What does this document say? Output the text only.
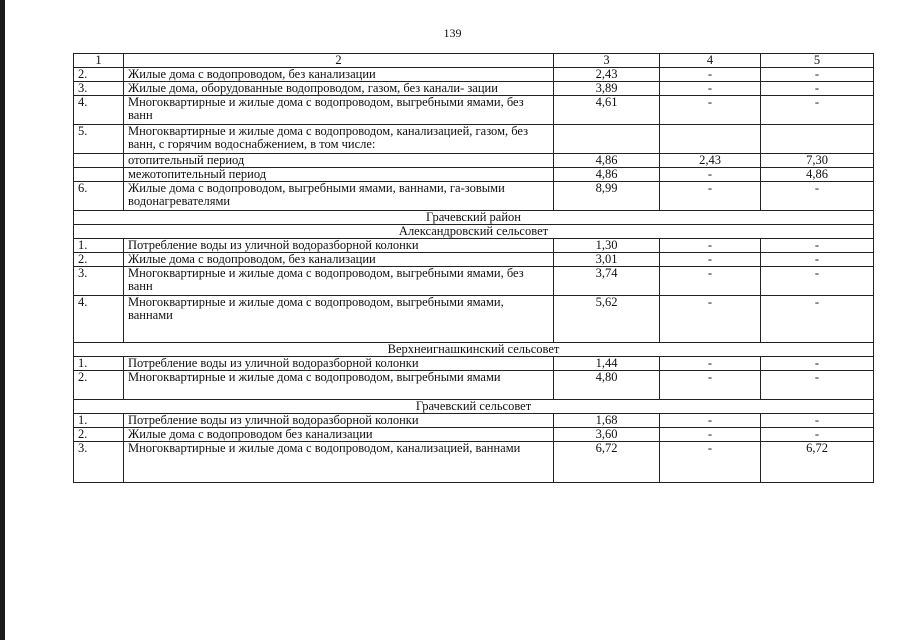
139
1	2	3	4	5
2.	Жилые дома с водопроводом, без канализации	2,43	-	-
3.	Жилые дома, оборудованные водопроводом, газом, без канали- зации	3,89	-	-
4.	Многоквартирные и жилые дома с водопроводом, выгребными ямами, без ванн	4,61	-	-
5.	Многоквартирные и жилые дома с водопроводом, канализацией, газом, без ванн, с горячим водоснабжением, в том числе:			
	отопительный период	4,86	2,43	7,30
	межотопительный период	4,86	-	4,86
6.	Жилые дома с водопроводом, выгребными ямами, ваннами, га-зовыми водонагревателями	8,99	-	-
Грачевский район				
Александровский сельсовет				
1.	Потребление воды из уличной водоразборной колонки	1,30	-	-
2.	Жилые дома с водопроводом, без канализации	3,01	-	-
3.	Многоквартирные и жилые дома с водопроводом, выгребными ямами, без ванн	3,74	-	-
4.	Многоквартирные и жилые дома с водопроводом, выгребными ямами, ваннами	5,62	-	-
Верхнеигнашкинский сельсовет				
1.	Потребление воды из уличной водоразборной колонки	1,44	-	-
2.	Многоквартирные и жилые дома с водопроводом, выгребными ямами	4,80	-	-
Грачевский сельсовет				
1.	Потребление воды из уличной водоразборной колонки	1,68	-	-
2.	Жилые дома с водопроводом без канализации	3,60	-	-
3.	Многоквартирные и жилые дома с водопроводом, канализацией, ваннами	6,72	-	6,72
